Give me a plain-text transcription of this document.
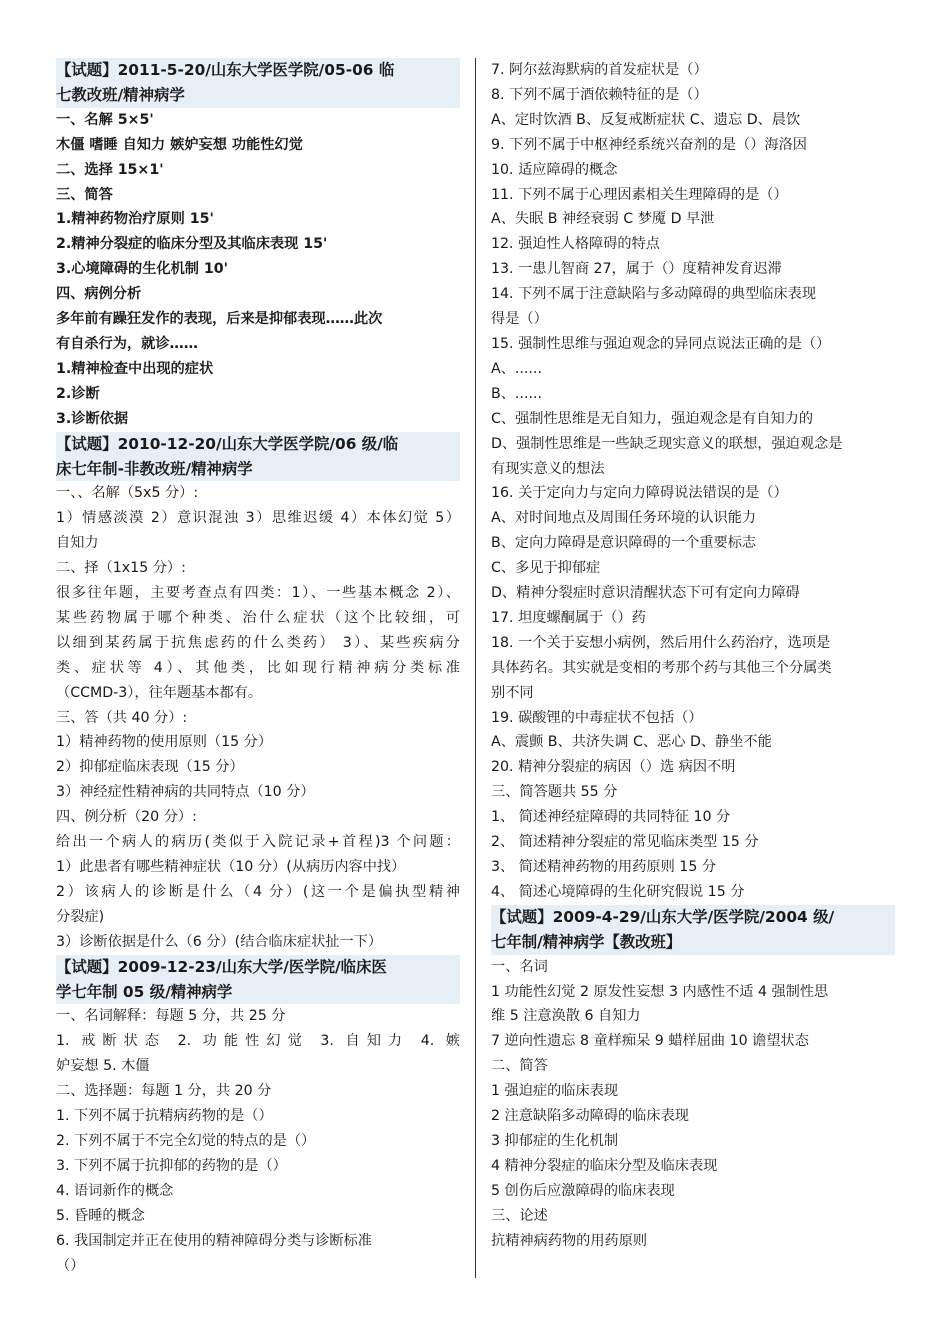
【试题】2011-5-20/山东大学医学院/05-06 临
七教改班/精神病学
一、名解 5×5'
木僵 嗜睡 自知力 嫉妒妄想 功能性幻觉
二、选择 15×1'
三、简答
1.精神药物治疗原则 15'
2.精神分裂症的临床分型及其临床表现 15'
3.心境障碍的生化机制 10'
四、病例分析
多年前有躁狂发作的表现，后来是抑郁表现……此次
有自杀行为，就诊……
1.精神检查中出现的症状
2.诊断
3.诊断依据
【试题】2010-12-20/山东大学医学院/06 级/临
床七年制-非教改班/精神病学
一、、名解（5x5 分）:
1）情感淡漠 2）意识混浊 3）思维迟缓 4）本体幻觉 5）
自知力
二、择（1x15 分）:
很多往年题，主要考查点有四类：1）、一些基本概念 2）、
某些药物属于哪个种类、治什么症状（这个比较细，可
以细到某药属于抗焦虑药的什么类药） 3）、某些疾病分
类、症状等 4）、其他类，比如现行精神病分类标准
（CCMD-3），往年题基本都有。
三、答（共 40 分）:
1）精神药物的使用原则（15 分）
2）抑郁症临床表现（15 分）
3）神经症性精神病的共同特点（10 分）
四、例分析（20 分）:
给出一个病人的病历(类似于入院记录+首程)3 个问题：
1）此患者有哪些精神症状（10 分）(从病历内容中找）
2）该病人的诊断是什么（4 分）(这一个是偏执型精神
分裂症)
3）诊断依据是什么（6 分）(结合临床症状扯一下）
【试题】2009-12-23/山东大学/医学院/临床医
学七年制 05 级/精神病学
一、名词解释：每题 5 分，共 25 分
1. 戒断状态 2. 功能性幻觉 3. 自知力 4. 嫉
妒妄想 5. 木僵
二、选择题：每题 1 分，共 20 分
1. 下列不属于抗精病药物的是（）
2. 下列不属于不完全幻觉的特点的是（）
3. 下列不属于抗抑郁的药物的是（）
4. 语词新作的概念
5. 昏睡的概念
6. 我国制定并正在使用的精神障碍分类与诊断标准
（）
7. 阿尔兹海默病的首发症状是（）
8. 下列不属于酒依赖特征的是（）
A、定时饮酒 B、反复戒断症状 C、遗忘 D、晨饮
9. 下列不属于中枢神经系统兴奋剂的是（）海洛因
10. 适应障碍的概念
11. 下列不属于心理因素相关生理障碍的是（）
A、失眠 B 神经衰弱 C 梦魇 D 早泄
12. 强迫性人格障碍的特点
13. 一患儿智商 27，属于（）度精神发育迟滞
14. 下列不属于注意缺陷与多动障碍的典型临床表现
得是（）
15. 强制性思维与强迫观念的异同点说法正确的是（）
A、......
B、......
C、强制性思维是无自知力，强迫观念是有自知力的
D、强制性思维是一些缺乏现实意义的联想，强迫观念是
有现实意义的想法
16. 关于定向力与定向力障碍说法错误的是（）
A、对时间地点及周围任务环境的认识能力
B、定向力障碍是意识障碍的一个重要标志
C、多见于抑郁症
D、精神分裂症时意识清醒状态下可有定向力障碍
17. 坦度螺酮属于（）药
18. 一个关于妄想小病例，然后用什么药治疗，选项是
具体药名。其实就是变相的考那个药与其他三个分属类
别不同
19. 碳酸锂的中毒症状不包括（）
A、震颤 B、共济失调 C、恶心 D、静坐不能
20. 精神分裂症的病因（）选 病因不明
三、简答题共 55 分
1、 简述神经症障碍的共同特征 10 分
2、 简述精神分裂症的常见临床类型 15 分
3、 简述精神药物的用药原则 15 分
4、 简述心境障碍的生化研究假说 15 分
【试题】2009-4-29/山东大学/医学院/2004 级/
七年制/精神病学【教改班】
一、名词
1 功能性幻觉 2 原发性妄想 3 内感性不适 4 强制性思
维 5 注意涣散 6 自知力
7 逆向性遗忘 8 童样痴呆 9 蜡样屈曲 10 谵望状态
二、简答
1 强迫症的临床表现
2 注意缺陷多动障碍的临床表现
3 抑郁症的生化机制
4 精神分裂症的临床分型及临床表现
5 创伤后应激障碍的临床表现
三、论述
抗精神病药物的用药原则
